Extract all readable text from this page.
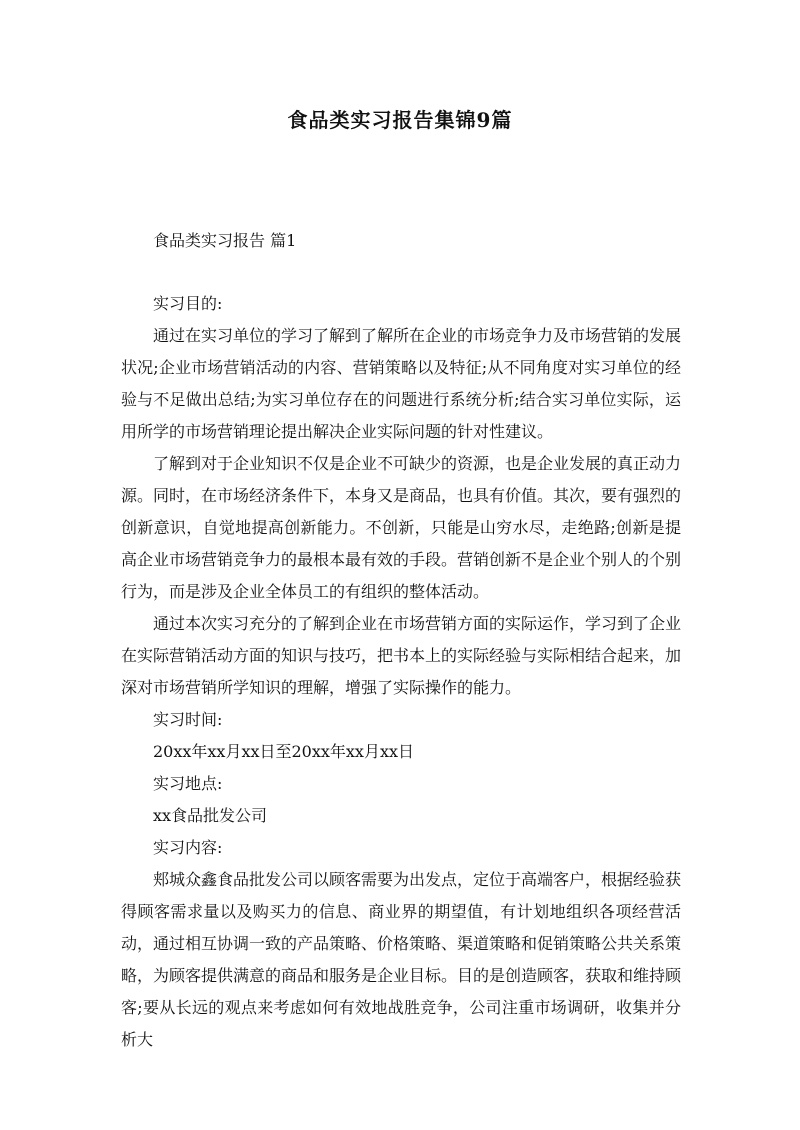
食品类实习报告集锦9篇
食品类实习报告 篇1

实习目的:

通过在实习单位的学习了解到了解所在企业的市场竞争力及市场营销的发展状况;企业市场营销活动的内容、营销策略以及特征;从不同角度对实习单位的经验与不足做出总结;为实习单位存在的问题进行系统分析;结合实习单位实际，运用所学的市场营销理论提出解决企业实际问题的针对性建议。

了解到对于企业知识不仅是企业不可缺少的资源，也是企业发展的真正动力源。同时，在市场经济条件下，本身又是商品，也具有价值。其次，要有强烈的创新意识，自觉地提高创新能力。不创新，只能是山穷水尽，走绝路;创新是提高企业市场营销竞争力的最根本最有效的手段。营销创新不是企业个别人的个别行为，而是涉及企业全体员工的有组织的整体活动。

通过本次实习充分的了解到企业在市场营销方面的实际运作，学习到了企业在实际营销活动方面的知识与技巧，把书本上的实际经验与实际相结合起来，加深对市场营销所学知识的理解，增强了实际操作的能力。

实习时间:

20xx年xx月xx日至20xx年xx月xx日

实习地点:

xx食品批发公司

实习内容:

郏城众鑫食品批发公司以顾客需要为出发点，定位于高端客户，根据经验获得顾客需求量以及购买力的信息、商业界的期望值，有计划地组织各项经营活动，通过相互协调一致的产品策略、价格策略、渠道策略和促销策略公共关系策略，为顾客提供满意的商品和服务是企业目标。目的是创造顾客，获取和维持顾客;要从长远的观点来考虑如何有效地战胜竞争，公司注重市场调研，收集并分析大
